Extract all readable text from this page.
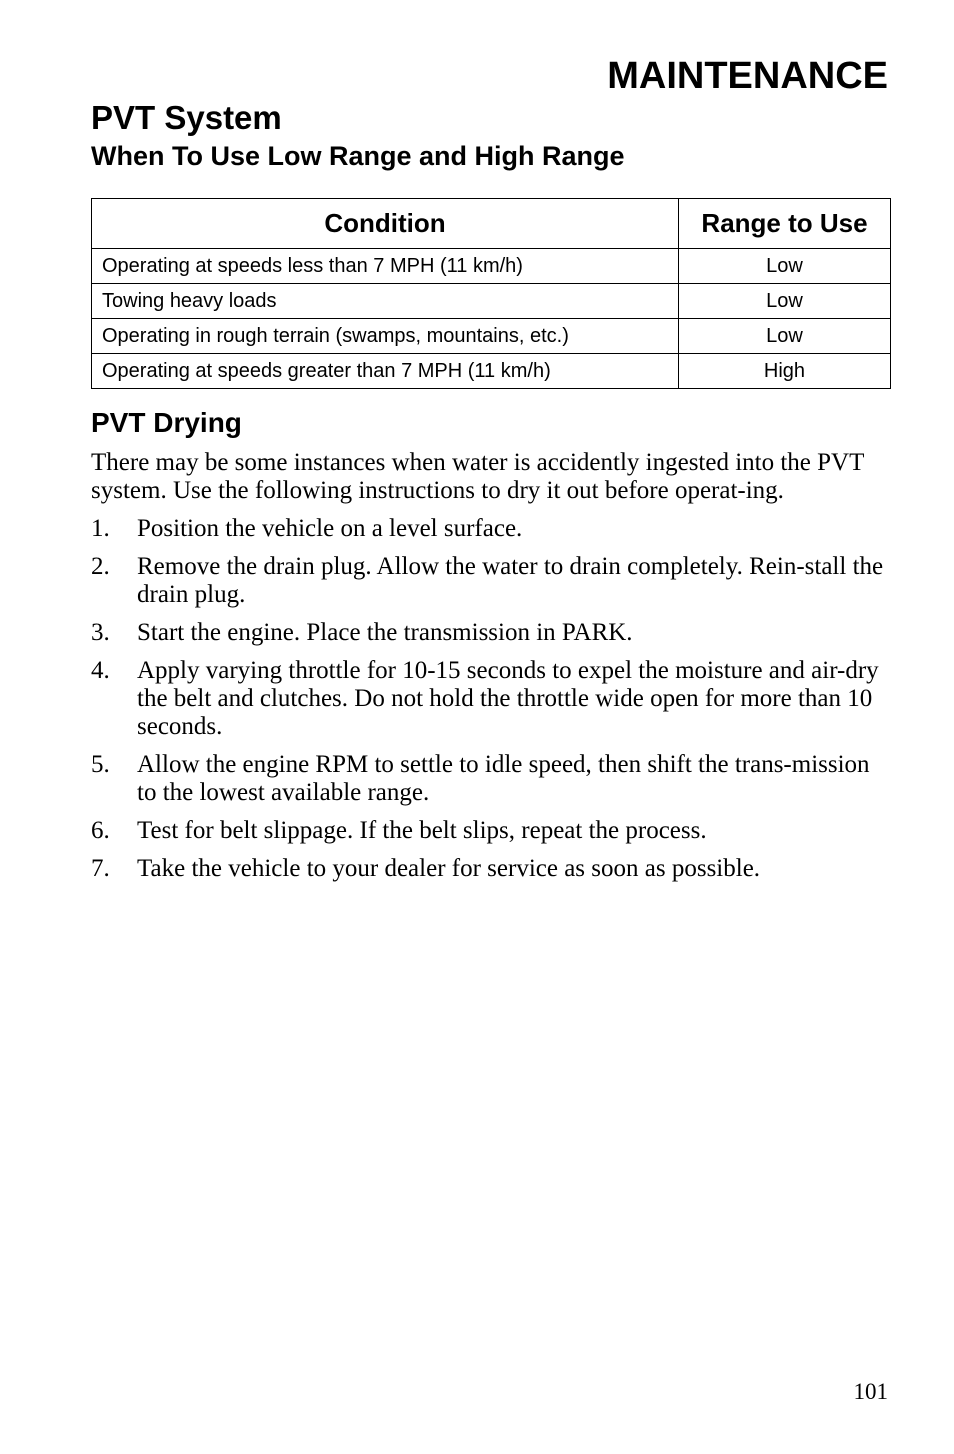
MAINTENANCE
PVT System
When To Use Low Range and High Range
Condition	Range to Use
Operating at speeds less than 7 MPH (11 km/h)	Low
Towing heavy loads	Low
Operating in rough terrain (swamps, mountains, etc.)	Low
Operating at speeds greater than 7 MPH (11 km/h)	High
PVT Drying

There may be some instances when water is accidently ingested into the PVT system. Use the following instructions to dry it out before operat-ing.

1. Position the vehicle on a level surface.
2. Remove the drain plug. Allow the water to drain completely. Rein-stall the drain plug.
3. Start the engine. Place the transmission in PARK.
4. Apply varying throttle for 10-15 seconds to expel the moisture and air-dry the belt and clutches. Do not hold the throttle wide open for more than 10 seconds.
5. Allow the engine RPM to settle to idle speed, then shift the trans-mission to the lowest available range.
6. Test for belt slippage. If the belt slips, repeat the process.
7. Take the vehicle to your dealer for service as soon as possible.
101
